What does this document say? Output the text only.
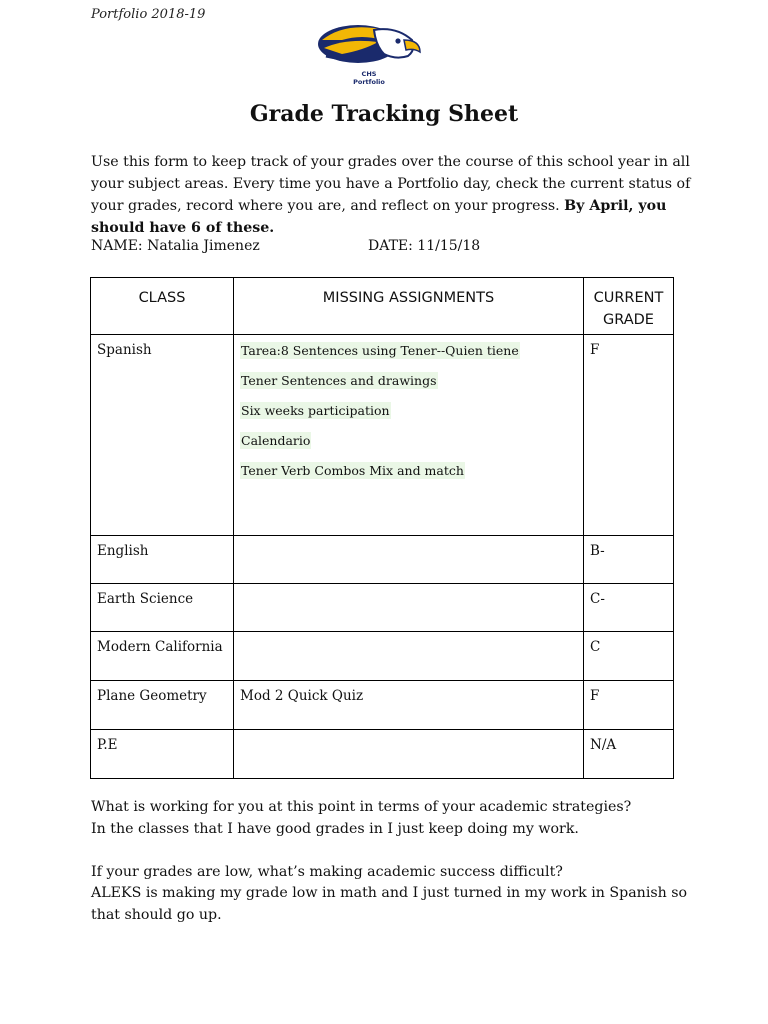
Portfolio 2018-19
CHS Portfolio
Grade Tracking Sheet
Use this form to keep track of your grades over the course of this school year in all your subject areas. Every time you have a Portfolio day, check the current status of your grades, record where you are, and reflect on your progress. By April, you should have 6 of these.
NAME: Natalia Jimenez	DATE: 11/15/18
CLASS	MISSING ASSIGNMENTS	CURRENT GRADE

Spanish	Tarea:8 Sentences using Tener--Quien tiene
Tener Sentences and drawings
Six weeks participation
Calendario
Tener Verb Combos Mix and match	F

English		B-

Earth Science		C-

Modern California		C

Plane Geometry	Mod 2 Quick Quiz	F

P.E		N/A
What is working for you at this point in terms of your academic strategies?
In the classes that I have good grades in I just keep doing my work.
If your grades are low, what’s making academic success difficult?
ALEKS is making my grade low in math and I just turned in my work in Spanish so that should go up.
